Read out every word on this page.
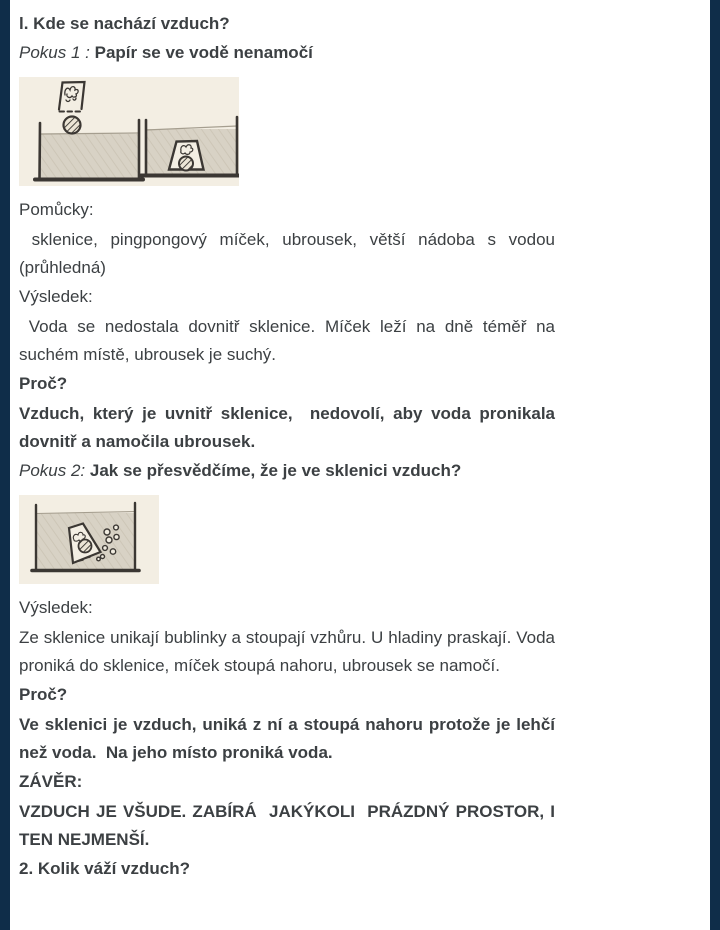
l. Kde se nachází vzduch?

Pokus 1 : Papír se ve vodě nenamočí

Pomůcky:

sklenice, pingpongový míček, ubrousek, větší nádoba s vodou (průhledná)

Výsledek:

Voda se nedostala dovnitř sklenice. Míček leží na dně téměř na suchém místě, ubrousek je suchý.

Proč?

Vzduch, který je uvnitř sklenice,  nedovolí, aby voda pronikala dovnitř a namočila ubrousek.

Pokus 2: Jak se přesvědčíme, že je ve sklenici vzduch?

Výsledek:

Ze sklenice unikají bublinky a stoupají vzhůru. U hladiny praskají. Voda proniká do sklenice, míček stoupá nahoru, ubrousek se namočí.

Proč?

Ve sklenici je vzduch, uniká z ní a stoupá nahoru protože je lehčí než voda.  Na jeho místo proniká voda.

ZÁVĚR:

VZDUCH JE VŠUDE. ZABÍRÁ  JAKÝKOLI  PRÁZDNÝ PROSTOR, I TEN NEJMENŠÍ.

2. Kolik váží vzduch?
